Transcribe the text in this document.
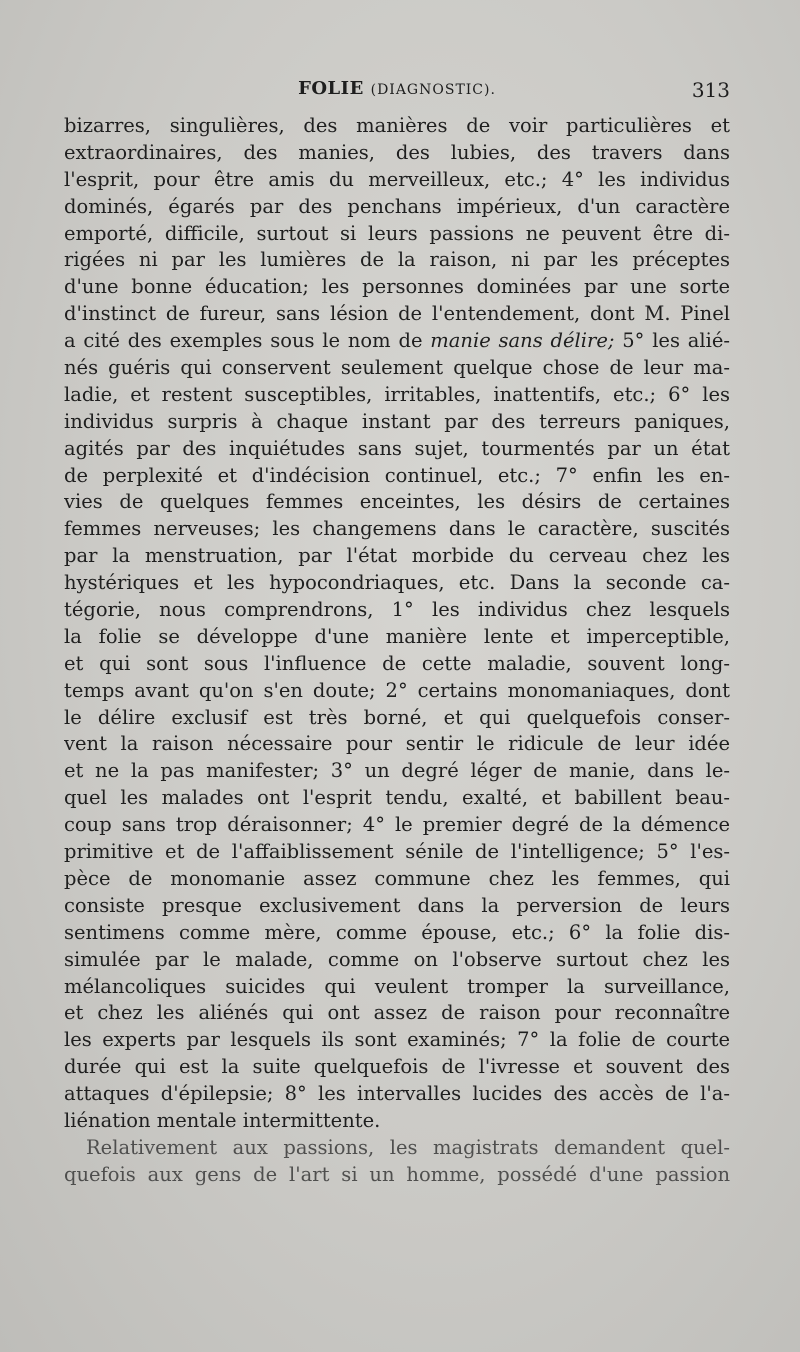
FOLIE (DIAGNOSTIC).	313
bizarres, singulières, des manières de voir particulières et
extraordinaires, des manies, des lubies, des travers dans
l'esprit, pour être amis du merveilleux, etc.; 4° les individus
dominés, égarés par des penchans impérieux, d'un caractère
emporté, difficile, surtout si leurs passions ne peuvent être di-
rigées ni par les lumières de la raison, ni par les préceptes
d'une bonne éducation; les personnes dominées par une sorte
d'instinct de fureur, sans lésion de l'entendement, dont M. Pinel
a cité des exemples sous le nom de manie sans délire; 5° les alié-
nés guéris qui conservent seulement quelque chose de leur ma-
ladie, et restent susceptibles, irritables, inattentifs, etc.; 6° les
individus surpris à chaque instant par des terreurs paniques,
agités par des inquiétudes sans sujet, tourmentés par un état
de perplexité et d'indécision continuel, etc.; 7° enfin les en-
vies de quelques femmes enceintes, les désirs de certaines
femmes nerveuses; les changemens dans le caractère, suscités
par la menstruation, par l'état morbide du cerveau chez les
hystériques et les hypocondriaques, etc. Dans la seconde ca-
tégorie, nous comprendrons, 1° les individus chez lesquels
la folie se développe d'une manière lente et imperceptible,
et qui sont sous l'influence de cette maladie, souvent long-
temps avant qu'on s'en doute; 2° certains monomaniaques, dont
le délire exclusif est très borné, et qui quelquefois conser-
vent la raison nécessaire pour sentir le ridicule de leur idée
et ne la pas manifester; 3° un degré léger de manie, dans le-
quel les malades ont l'esprit tendu, exalté, et babillent beau-
coup sans trop déraisonner; 4° le premier degré de la démence
primitive et de l'affaiblissement sénile de l'intelligence; 5° l'es-
pèce de monomanie assez commune chez les femmes, qui
consiste presque exclusivement dans la perversion de leurs
sentimens comme mère, comme épouse, etc.; 6° la folie dis-
simulée par le malade, comme on l'observe surtout chez les
mélancoliques suicides qui veulent tromper la surveillance,
et chez les aliénés qui ont assez de raison pour reconnaître
les experts par lesquels ils sont examinés; 7° la folie de courte
durée qui est la suite quelquefois de l'ivresse et souvent des
attaques d'épilepsie; 8° les intervalles lucides des accès de l'a-
liénation mentale intermittente.
Relativement aux passions, les magistrats demandent quel-
quefois aux gens de l'art si un homme, possédé d'une passion
